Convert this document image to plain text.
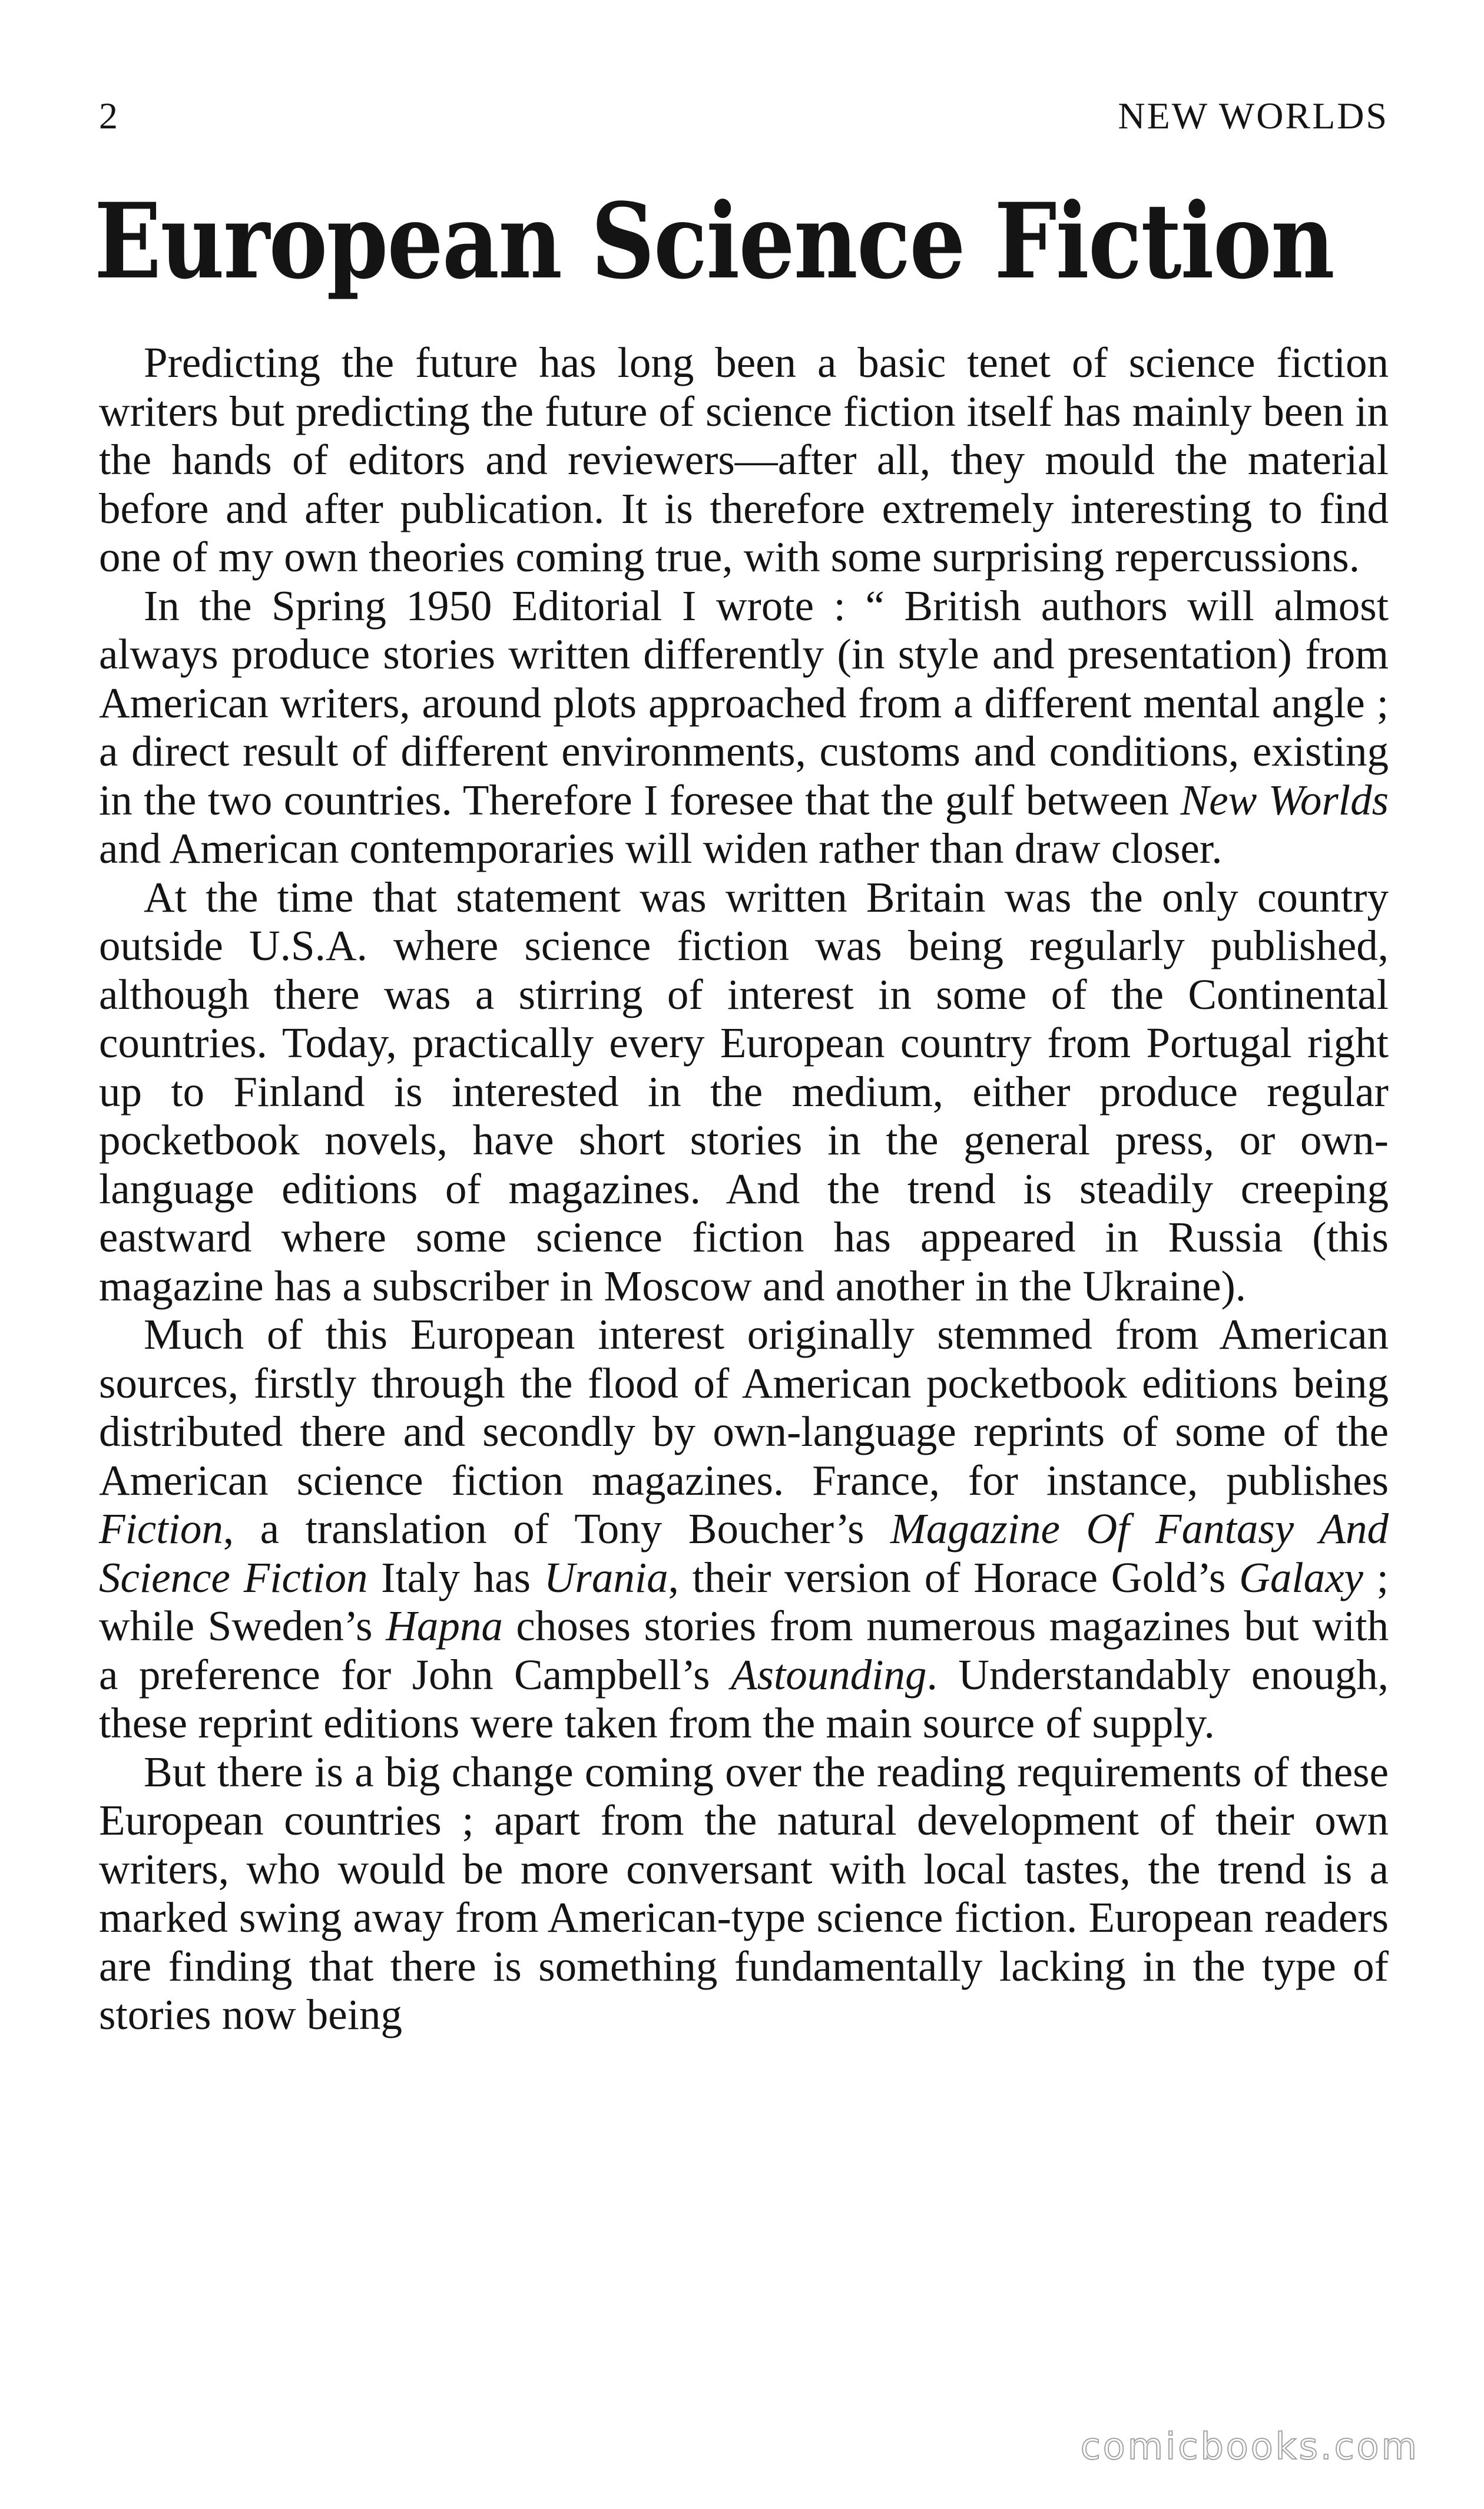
2	NEW WORLDS
European Science Fiction

Predicting the future has long been a basic tenet of science fiction writers but predicting the future of science fiction itself has mainly been in the hands of editors and reviewers—after all, they mould the material before and after publication. It is therefore extremely interesting to find one of my own theories coming true, with some surprising repercussions.

In the Spring 1950 Editorial I wrote : “ British authors will almost always produce stories written differently (in style and presentation) from American writers, around plots approached from a different mental angle ; a direct result of different environments, customs and conditions, existing in the two countries. Therefore I foresee that the gulf between New Worlds and American contemporaries will widen rather than draw closer.

At the time that statement was written Britain was the only country outside U.S.A. where science fiction was being regularly published, although there was a stirring of interest in some of the Continental countries. Today, practically every European country from Portugal right up to Finland is interested in the medium, either produce regular pocketbook novels, have short stories in the general press, or own-language editions of magazines. And the trend is steadily creeping eastward where some science fiction has appeared in Russia (this magazine has a subscriber in Moscow and another in the Ukraine).

Much of this European interest originally stemmed from American sources, firstly through the flood of American pocketbook editions being distributed there and secondly by own-language reprints of some of the American science fiction magazines. France, for instance, publishes Fiction, a translation of Tony Boucher’s Magazine Of Fantasy And Science Fiction Italy has Urania, their version of Horace Gold’s Galaxy ; while Sweden’s Hapna choses stories from numerous magazines but with a preference for John Campbell’s Astounding. Understandably enough, these reprint editions were taken from the main source of supply.

But there is a big change coming over the reading requirements of these European countries ; apart from the natural development of their own writers, who would be more conversant with local tastes, the trend is a marked swing away from American-type science fiction. European readers are finding that there is something fundamentally lacking in the type of stories now being

comicbooks.com
